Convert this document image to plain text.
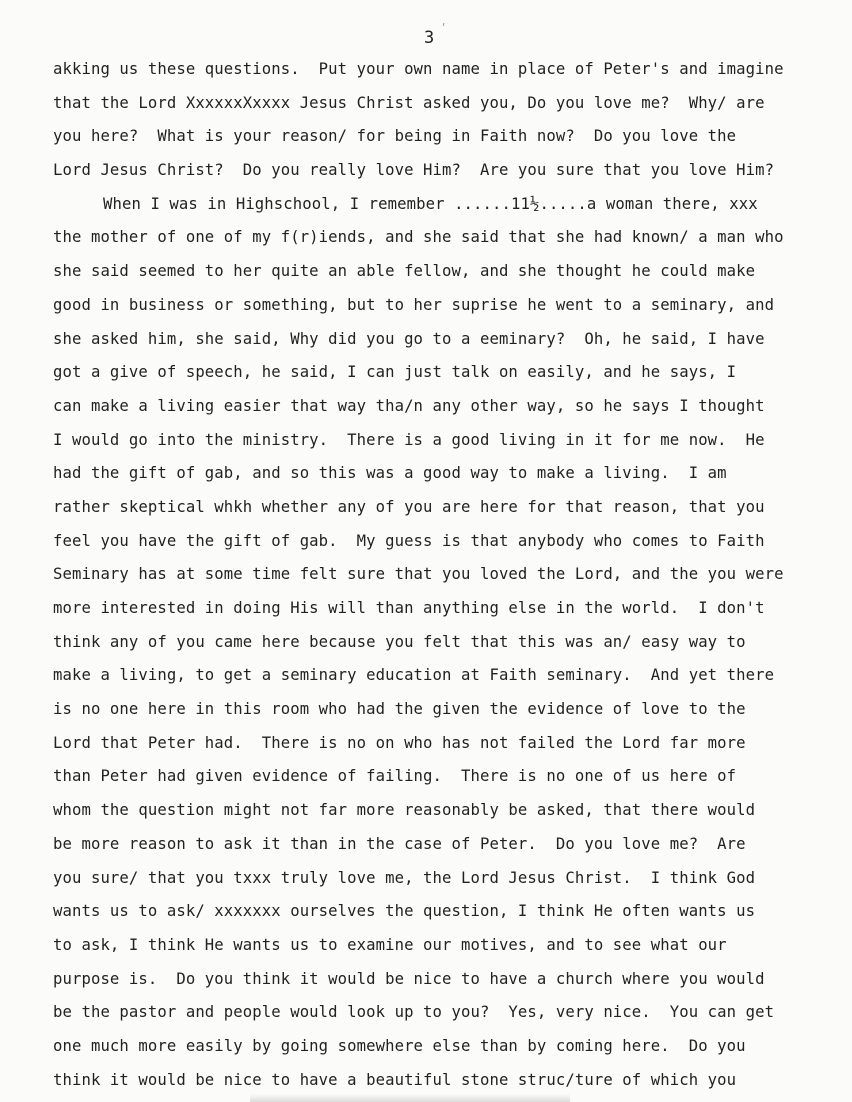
3 ʹ
akking us these questions.  Put your own name in place of Peter's and imagine
that the Lord XxxxxxXxxxx Jesus Christ asked you, Do you love me?  Why/ are
you here?  What is your reason/ for being in Faith now?  Do you love the
Lord Jesus Christ?  Do you really love Him?  Are you sure that you love Him?
When I was in Highschool, I remember ......11½.....a woman there, xxx
the mother of one of my f(r)iends, and she said that she had known/ a man who
she said seemed to her quite an able fellow, and she thought he could make
good in business or something, but to her suprise he went to a seminary, and
she asked him, she said, Why did you go to a eeminary?  Oh, he said, I have
got a give of speech, he said, I can just talk on easily, and he says, I
can make a living easier that way tha/n any other way, so he says I thought
I would go into the ministry.  There is a good living in it for me now.  He
had the gift of gab, and so this was a good way to make a living.  I am
rather skeptical whkh whether any of you are here for that reason, that you
feel you have the gift of gab.  My guess is that anybody who comes to Faith
Seminary has at some time felt sure that you loved the Lord, and the you were
more interested in doing His will than anything else in the world.  I don't
think any of you came here because you felt that this was an/ easy way to
make a living, to get a seminary education at Faith seminary.  And yet there
is no one here in this room who had the given the evidence of love to the
Lord that Peter had.  There is no on who has not failed the Lord far more
than Peter had given evidence of failing.  There is no one of us here of
whom the question might not far more reasonably be asked, that there would
be more reason to ask it than in the case of Peter.  Do you love me?  Are
you sure/ that you txxx truly love me, the Lord Jesus Christ.  I think God
wants us to ask/ xxxxxxx ourselves the question, I think He often wants us
to ask, I think He wants us to examine our motives, and to see what our
purpose is.  Do you think it would be nice to have a church where you would
be the pastor and people would look up to you?  Yes, very nice.  You can get
one much more easily by going somewhere else than by coming here.  Do you
think it would be nice to have a beautiful stone struc/ture of which you
